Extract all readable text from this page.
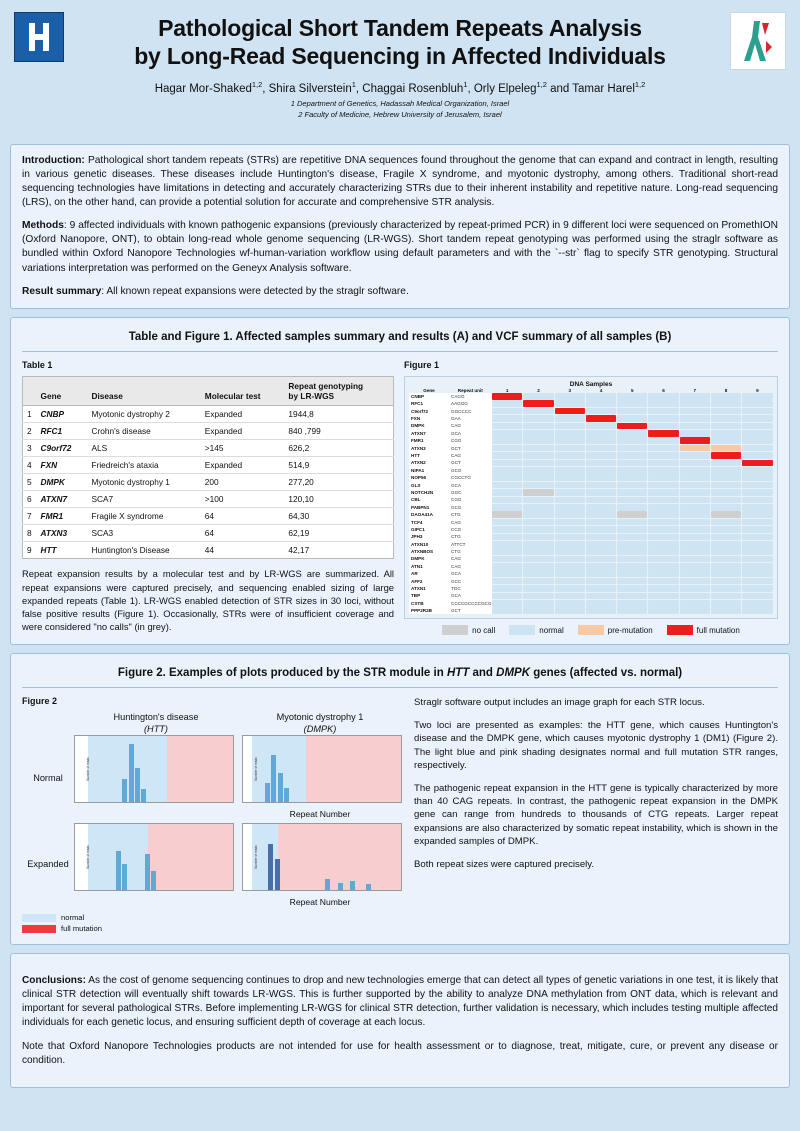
Pathological Short Tandem Repeats Analysis
by Long-Read Sequencing in Affected Individuals
Hagar Mor-Shaked$^{1,2}$, Shira Silverstein$^1$, Chaggai Rosenbluh$^1$, Orly Elpeleg$^{1,2}$ and Tamar Harel$^{1,2}$
1 Department of Genetics, Hadassah Medical Organization, Israel
2 Faculty of Medicine, Hebrew University of Jerusalem, Israel

Introduction: Pathological short tandem repeats (STRs) are repetitive DNA sequences found throughout the genome that can expand and contract in length, resulting in various genetic diseases. These diseases include Huntington's disease, Fragile X syndrome, and myotonic dystrophy, among others. Traditional short-read sequencing technologies have limitations in detecting and accurately characterizing STRs due to their inherent instability and repetitive nature. Long-read sequencing (LRS), on the other hand, can provide a potential solution for accurate and comprehensive STR analysis.

Methods: 9 affected individuals with known pathogenic expansions (previously characterized by repeat-primed PCR) in 9 different loci were sequenced on PromethION (Oxford Nanopore, ONT), to obtain long-read whole genome sequencing (LR-WGS). Short tandem repeat genotyping was performed using the straglr software as bundled within Oxford Nanopore Technologies wf-human-variation workflow using default parameters and with the `--str` flag to specify STR genotyping. Structural variations interpretation was performed on the Geneyx Analysis software.

Result summary: All known repeat expansions were detected by the straglr software.

Table and Figure 1. Affected samples summary and results (A) and VCF summary of all samples (B)
Table 1
	Gene	Disease	Molecular test	Repeat genotyping
by LR-WGS
1	CNBP	Myotonic dystrophy 2	Expanded	1944,8
2	RFC1	Crohn's disease	Expanded	840 ,799
3	C9orf72	ALS	>145	626,2
4	FXN	Friedreich's ataxia	Expanded	514,9
5	DMPK	Myotonic dystrophy 1	200	277,20
6	ATXN7	SCA7	>100	120,10
7	FMR1	Fragile X syndrome	64	64,30
8	ATXN3	SCA3	64	62,19
9	HTT	Huntington's Disease	44	42,17
Repeat expansion results by a molecular test and by LR-WGS are summarized. All repeat expansions were captured precisely, and sequencing enabled sizing of large expanded repeats (Table 1). LR-WGS enabled detection of STR sizes in 30 loci, without false positive results (Figure 1). Occasionally, STRs were of insufficient coverage and were considered "no calls" (in grey).
Figure 1
DNA Samples
Gene	Repeat unit	1	2	3	4	5	6	7	8	9
CNBP	CAGG	

RFC1	AAGGG	

C9orf72	GGCCCC	

FXN	GAA	

DMPK	CAG	

ATXN7	GCA	

FMR1	CGG	

ATXN3	GCT	

HTT	CAG	

ATXN2	GCT	

NIPA1	GCG	

NOP56	CGCCTG	

GLS	GCA	

NOTCH2N	GGC	

CBL	CGG	

PABPN1	GCG	

DAOA41A	CTG	

TCF4	CAG	

GIPC1	CCG	

JPH3	CTG	

ATXN10	ATTCT	

ATXNBOS	CTG	

DMPK	CAG	

ATN1	CAG	

AR	GCA	

AFF2	GCC	

ATXN1	TGC	

TBP	GCA	

CSTB	CCCCGCCCCGCG	

PPP2R2B	GCT	

no call	normal	pre-mutation	full mutation
Figure 2. Examples of plots produced by the STR module in HTT and DMPK genes (affected vs. normal)
Figure 2
Huntington's disease
(HTT)
Myotonic dystrophy 1
(DMPK)
Normal
Expanded
Number of reads	Number of reads
Repeat Number
Number of reads	Number of reads
Repeat Number
normal
full mutation

Straglr software output includes an image graph for each STR locus.

Two loci are presented as examples: the HTT gene, which causes Huntington's disease and the DMPK gene, which causes myotonic dystrophy 1 (DM1) (Figure 2). The light blue and pink shading designates normal and full mutation STR ranges, respectively.

The pathogenic repeat expansion in the HTT gene is typically characterized by more than 40 CAG repeats. In contrast, the pathogenic repeat expansion in the DMPK gene can range from hundreds to thousands of CTG repeats. Larger repeat expansions are also characterized by somatic repeat instability, which is shown in the expanded samples of DMPK.

Both repeat sizes were captured precisely.

Conclusions: As the cost of genome sequencing continues to drop and new technologies emerge that can detect all types of genetic variations in one test, it is likely that clinical STR detection will eventually shift towards LR-WGS. This is further supported by the ability to analyze DNA methylation from ONT data, which is relevant and important for several pathological STRs. Before implementing LR-WGS for clinical STR detection, further validation is necessary, which includes testing multiple affected individuals for each genetic locus, and ensuring sufficient depth of coverage at each locus.

Note that Oxford Nanopore Technologies products are not intended for use for health assessment or to diagnose, treat, mitigate, cure, or prevent any disease or condition.
